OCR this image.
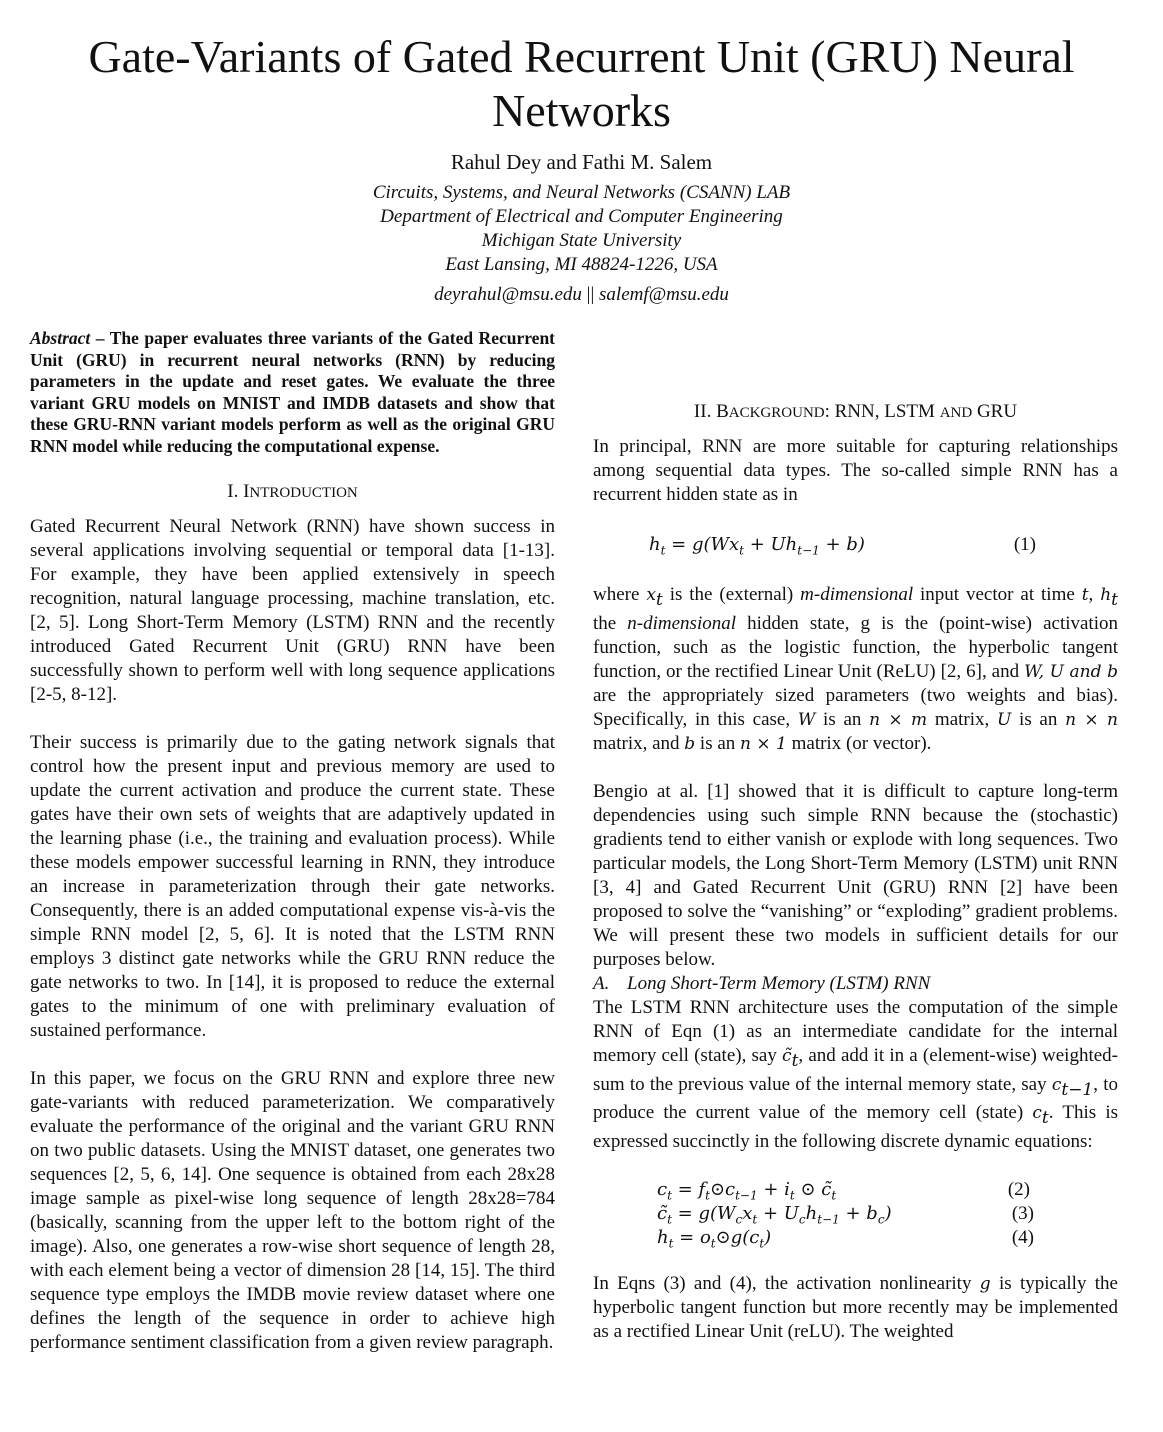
Gate-Variants of Gated Recurrent Unit (GRU) Neural Networks
Rahul Dey and Fathi M. Salem
Circuits, Systems, and Neural Networks (CSANN) LAB
Department of Electrical and Computer Engineering
Michigan State University
East Lansing, MI 48824-1226, USA
deyrahul@msu.edu || salemf@msu.edu

Abstract – The paper evaluates three variants of the Gated Recurrent Unit (GRU) in recurrent neural networks (RNN) by reducing parameters in the update and reset gates. We evaluate the three variant GRU models on MNIST and IMDB datasets and show that these GRU-RNN variant models perform as well as the original GRU RNN model while reducing the computational expense.

I. INTRODUCTION

Gated Recurrent Neural Network (RNN) have shown success in several applications involving sequential or temporal data [1-13]. For example, they have been applied extensively in speech recognition, natural language processing, machine translation, etc. [2, 5]. Long Short-Term Memory (LSTM) RNN and the recently introduced Gated Recurrent Unit (GRU) RNN have been successfully shown to perform well with long sequence applications [2-5, 8-12].

Their success is primarily due to the gating network signals that control how the present input and previous memory are used to update the current activation and produce the current state. These gates have their own sets of weights that are adaptively updated in the learning phase (i.e., the training and evaluation process). While these models empower successful learning in RNN, they introduce an increase in parameterization through their gate networks. Consequently, there is an added computational expense vis-à-vis the simple RNN model [2, 5, 6]. It is noted that the LSTM RNN employs 3 distinct gate networks while the GRU RNN reduce the gate networks to two. In [14], it is proposed to reduce the external gates to the minimum of one with preliminary evaluation of sustained performance.

In this paper, we focus on the GRU RNN and explore three new gate-variants with reduced parameterization. We comparatively evaluate the performance of the original and the variant GRU RNN on two public datasets. Using the MNIST dataset, one generates two sequences [2, 5, 6, 14]. One sequence is obtained from each 28x28 image sample as pixel-wise long sequence of length 28x28=784 (basically, scanning from the upper left to the bottom right of the image). Also, one generates a row-wise short sequence of length 28, with each element being a vector of dimension 28 [14, 15]. The third sequence type employs the IMDB movie review dataset where one defines the length of the sequence in order to achieve high performance sentiment classification from a given review paragraph.

II. BACKGROUND: RNN, LSTM AND GRU

In principal, RNN are more suitable for capturing relationships among sequential data types. The so-called simple RNN has a recurrent hidden state as in

$h_t = g(Wx_t + Uh_{t-1} + b)$	(1)

where $x_t$ is the (external) m-dimensional input vector at time t, $h_t$ the n-dimensional hidden state, g is the (point-wise) activation function, such as the logistic function, the hyperbolic tangent function, or the rectified Linear Unit (ReLU) [2, 6], and W, U and b are the appropriately sized parameters (two weights and bias). Specifically, in this case, W is an n × m matrix, U is an n × n matrix, and b is an n × 1 matrix (or vector).

Bengio at al. [1] showed that it is difficult to capture long-term dependencies using such simple RNN because the (stochastic) gradients tend to either vanish or explode with long sequences. Two particular models, the Long Short-Term Memory (LSTM) unit RNN [3, 4] and Gated Recurrent Unit (GRU) RNN [2] have been proposed to solve the “vanishing” or “exploding” gradient problems. We will present these two models in sufficient details for our purposes below.

A. Long Short-Term Memory (LSTM) RNN

The LSTM RNN architecture uses the computation of the simple RNN of Eqn (1) as an intermediate candidate for the internal memory cell (state), say $c̃_t$, and add it in a (element-wise) weighted-sum to the previous value of the internal memory state, say $c_{t-1}$, to produce the current value of the memory cell (state) $c_t$. This is expressed succinctly in the following discrete dynamic equations:

$c_t$ = $f_t⊙c_{t-1} + i_t$ ⊙ $c̃_t$	(2)
$c̃_t = g(W_cx_t + U_ch_{t-1} + b_c)$	(3)
$h_t$ = $o_t⊙g(c_t)$	(4)

In Eqns (3) and (4), the activation nonlinearity g is typically the hyperbolic tangent function but more recently may be implemented as a rectified Linear Unit (reLU). The weighted
